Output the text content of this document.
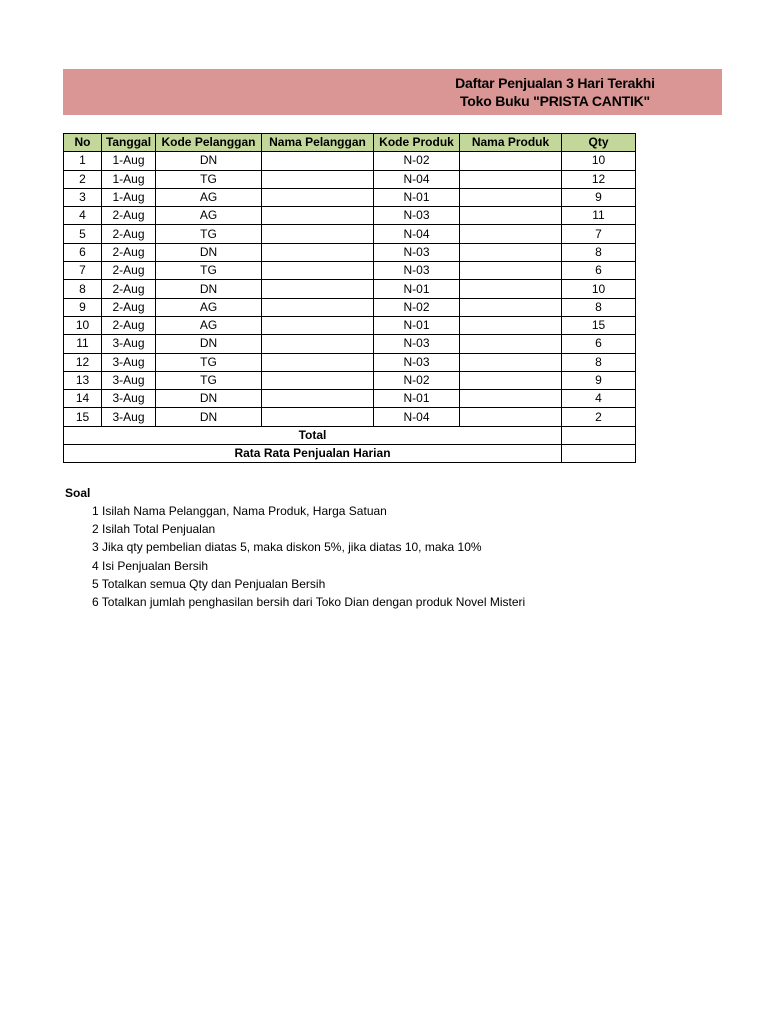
Daftar Penjualan 3 Hari Terakhi
Toko Buku "PRISTA CANTIK"
No	Tanggal	Kode Pelanggan	Nama Pelanggan	Kode Produk	Nama Produk	Qty
1	1-Aug	DN		N-02		10
2	1-Aug	TG		N-04		12
3	1-Aug	AG		N-01		9
4	2-Aug	AG		N-03		11
5	2-Aug	TG		N-04		7
6	2-Aug	DN		N-03		8
7	2-Aug	TG		N-03		6
8	2-Aug	DN		N-01		10
9	2-Aug	AG		N-02		8
10	2-Aug	AG		N-01		15
11	3-Aug	DN		N-03		6
12	3-Aug	TG		N-03		8
13	3-Aug	TG		N-02		9
14	3-Aug	DN		N-01		4
15	3-Aug	DN		N-04		2
Total						
Rata Rata Penjualan Harian						
Soal
1 Isilah Nama Pelanggan, Nama Produk, Harga Satuan
2 Isilah Total Penjualan
3 Jika qty pembelian diatas 5, maka diskon 5%, jika diatas 10, maka 10%
4 Isi Penjualan Bersih
5 Totalkan semua Qty dan Penjualan Bersih
6 Totalkan jumlah penghasilan bersih dari Toko Dian dengan produk Novel Misteri
